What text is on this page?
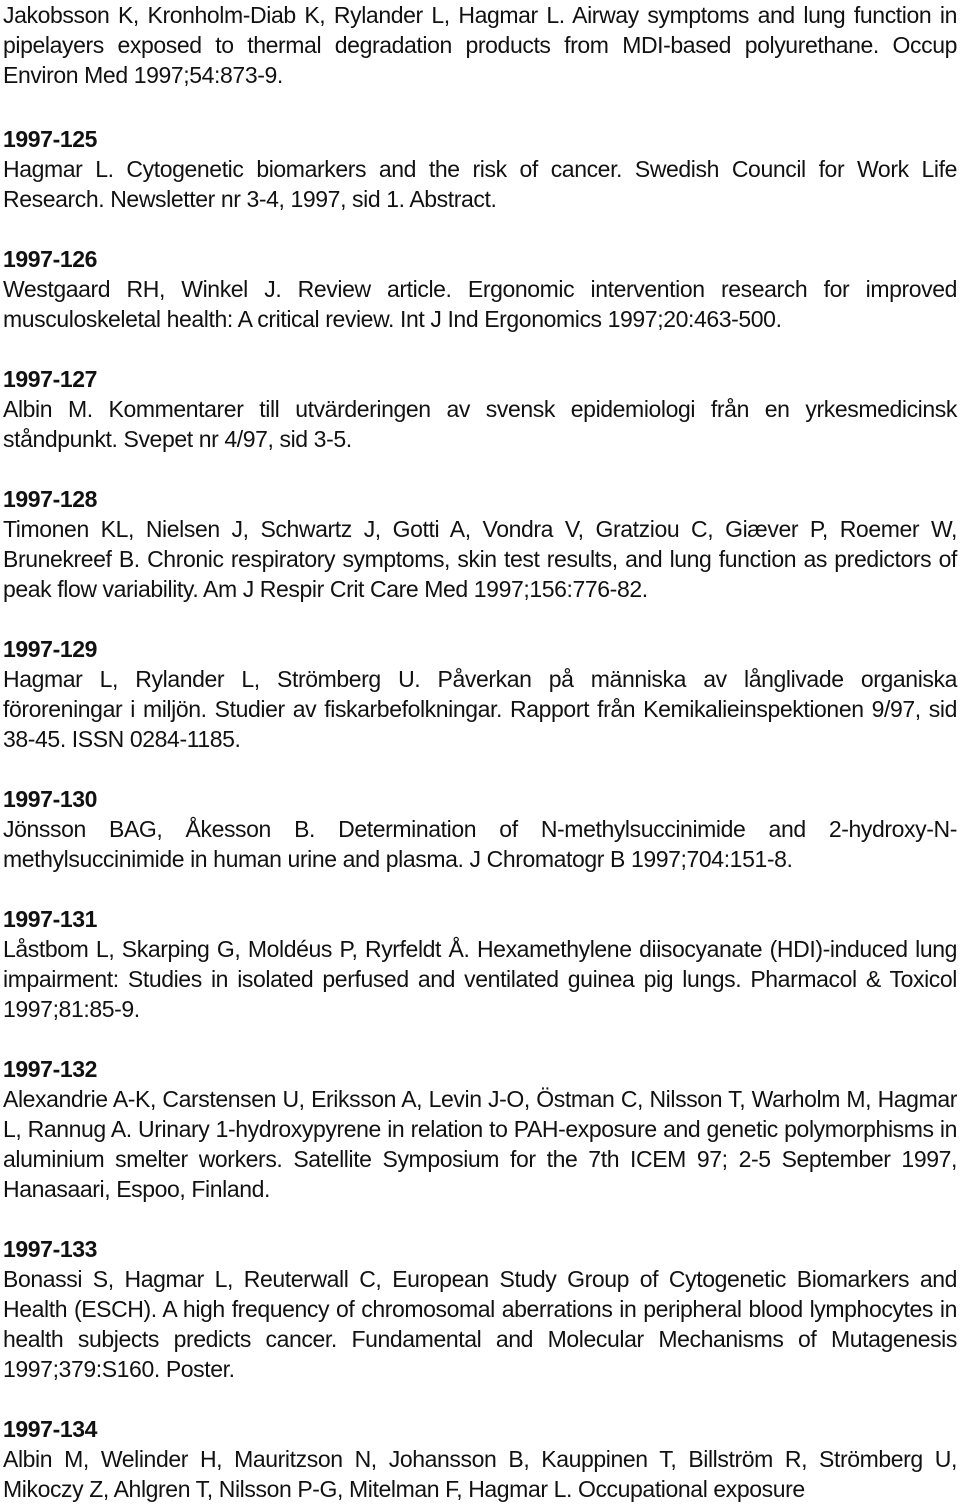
Jakobsson K, Kronholm-Diab K, Rylander L, Hagmar L. Airway symptoms and lung function in pipelayers exposed to thermal degradation products from MDI-based polyurethane. Occup Environ Med 1997;54:873-9.

1997-125
Hagmar L. Cytogenetic biomarkers and the risk of cancer. Swedish Council for Work Life Research. Newsletter nr 3-4, 1997, sid 1. Abstract.
1997-126
Westgaard RH, Winkel J. Review article. Ergonomic intervention research for improved musculoskeletal health: A critical review. Int J Ind Ergonomics 1997;20:463-500.
1997-127
Albin M. Kommentarer till utvärderingen av svensk epidemiologi från en yrkesmedicinsk ståndpunkt. Svepet nr 4/97, sid 3-5.
1997-128
Timonen KL, Nielsen J, Schwartz J, Gotti A, Vondra V, Gratziou C, Giæver P, Roemer W, Brunekreef B. Chronic respiratory symptoms, skin test results, and lung function as predictors of peak flow variability. Am J Respir Crit Care Med 1997;156:776-82.
1997-129
Hagmar L, Rylander L, Strömberg U. Påverkan på människa av långlivade organiska föroreningar i miljön. Studier av fiskarbefolkningar. Rapport från Kemikalieinspektionen 9/97, sid 38-45. ISSN 0284-1185.
1997-130
Jönsson BAG, Åkesson B. Determination of N-methylsuccinimide and 2-hydroxy-N-methylsuccinimide in human urine and plasma. J Chromatogr B 1997;704:151-8.
1997-131
Låstbom L, Skarping G, Moldéus P, Ryrfeldt Å. Hexamethylene diisocyanate (HDI)-induced lung impairment: Studies in isolated perfused and ventilated guinea pig lungs. Pharmacol & Toxicol 1997;81:85-9.
1997-132
Alexandrie A-K, Carstensen U, Eriksson A, Levin J-O, Östman C, Nilsson T, Warholm M, Hagmar L, Rannug A. Urinary 1-hydroxypyrene in relation to PAH-exposure and genetic polymorphisms in aluminium smelter workers. Satellite Symposium for the 7th ICEM 97; 2-5 September 1997, Hanasaari, Espoo, Finland.
1997-133
Bonassi S, Hagmar L, Reuterwall C, European Study Group of Cytogenetic Biomarkers and Health (ESCH). A high frequency of chromosomal aberrations in peripheral blood lymphocytes in health subjects predicts cancer. Fundamental and Molecular Mechanisms of Mutagenesis 1997;379:S160. Poster.
1997-134
Albin M, Welinder H, Mauritzson N, Johansson B, Kauppinen T, Billström R, Strömberg U, Mikoczy Z, Ahlgren T, Nilsson P-G, Mitelman F, Hagmar L. Occupational exposure
